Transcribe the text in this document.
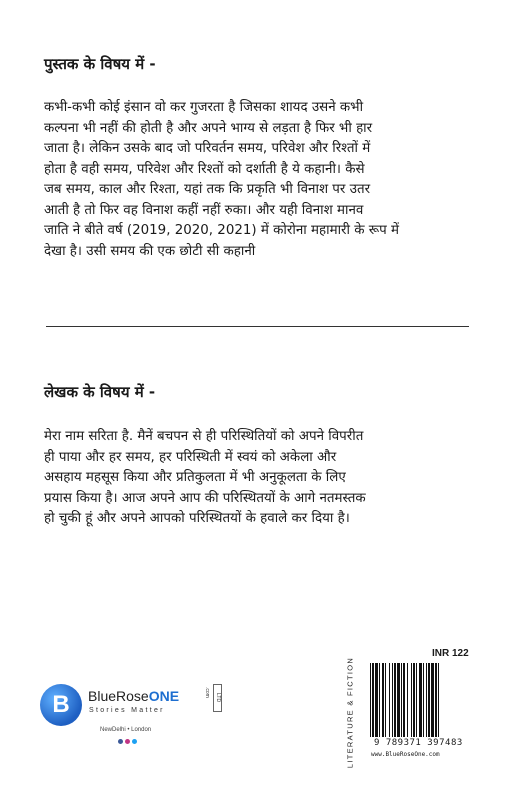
पुस्तक के विषय में -
कभी-कभी कोई इंसान वो कर गुजरता है जिसका शायद उसने कभी
कल्पना भी नहीं की होती है और अपने भाग्य से लड़ता है फिर भी हार
जाता है। लेकिन उसके बाद जो परिवर्तन समय, परिवेश और रिश्तों में
होता है वही समय, परिवेश और रिश्तों को दर्शाती है ये कहानी। कैसे
जब समय, काल और रिश्ता, यहां तक कि प्रकृति भी विनाश पर उतर
आती है तो फिर वह विनाश कहीं नहीं रुका। और यही विनाश मानव
जाति ने बीते वर्ष (2019, 2020, 2021) में कोरोना महामारी के रूप में
देखा है। उसी समय की एक छोटी सी कहानी
लेखक के विषय में -
मेरा नाम सरिता है. मैनें बचपन से ही परिस्थितियों को अपने विपरीत
ही पाया और हर समय, हर परिस्थिती में स्वयं को अकेला और
असहाय महसूस किया और प्रतिकुलता में भी अनुकूलता के लिए
प्रयास किया है। आज अपने आप की परिस्थितयों के आगे नतमस्तक
हो चुकी हूं और अपने आपको परिस्थितयों के हवाले कर दिया है।
B	BlueRoseONE	.com
LTD
Stories Matter
NewDelhi • London	LITERATURE & FICTION
INR 122
9 789371 397483
www.BlueRoseOne.com
